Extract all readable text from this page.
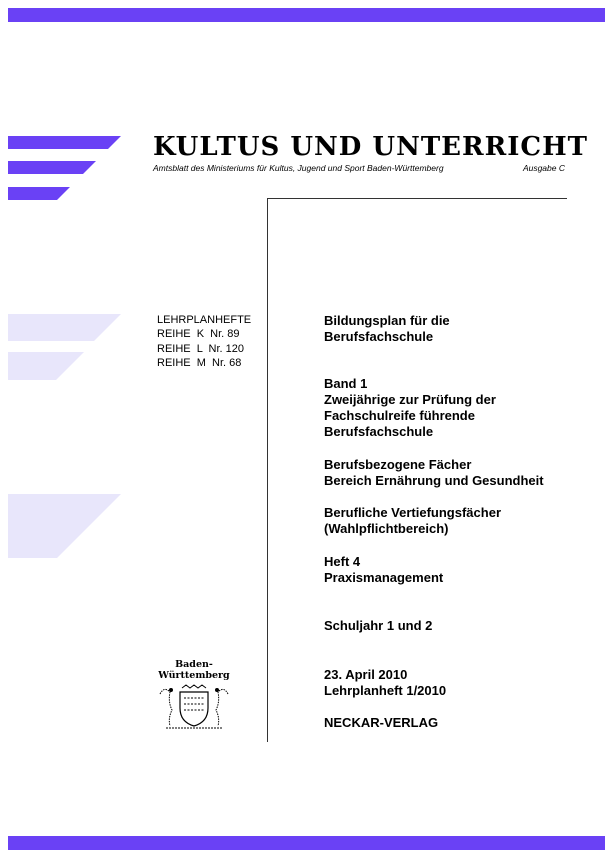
KULTUS UND UNTERRICHT
Amtsblatt des Ministeriums für Kultus, Jugend und Sport Baden-Württemberg	Ausgabe C
LEHRPLANHEFTE
REIHE  K  Nr. 89
REIHE  L  Nr. 120
REIHE  M  Nr. 68
Bildungsplan für die
Berufsfachschule
Band 1
Zweijährige zur Prüfung der
Fachschulreife führende
Berufsfachschule
Berufsbezogene Fächer
Bereich Ernährung und Gesundheit
Berufliche Vertiefungsfächer
(Wahlpflichtbereich)
Heft 4
Praxismanagement
Schuljahr 1 und 2
23. April 2010
Lehrplanheft 1/2010
NECKAR-VERLAG
Baden-
Württemberg
